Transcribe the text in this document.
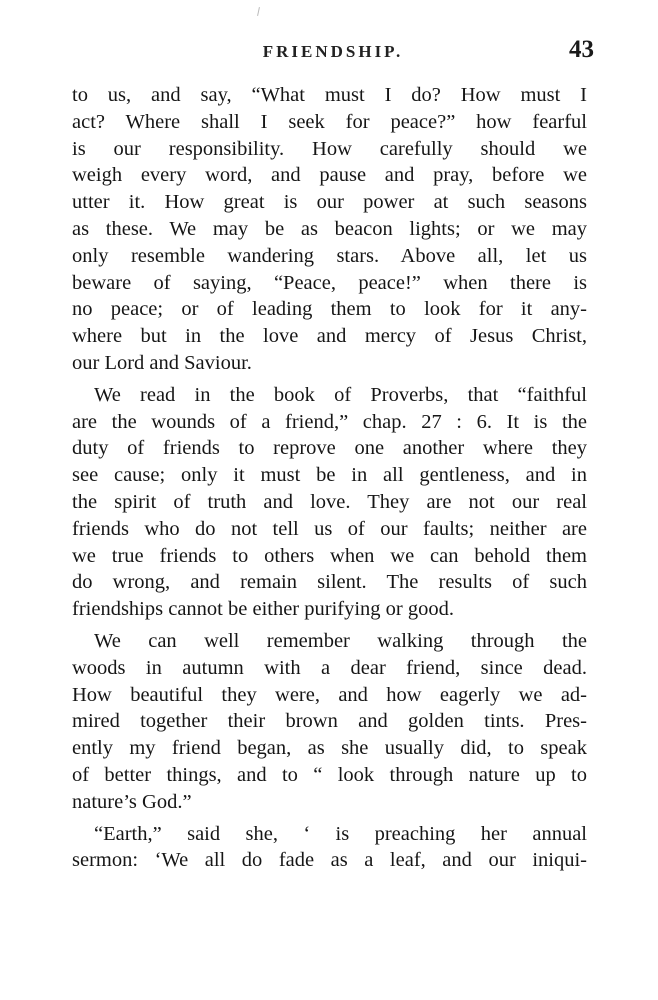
FRIENDSHIP.	43
to us, and say, “What must I do? How must I
act? Where shall I seek for peace?” how fearful
is our responsibility. How carefully should we
weigh every word, and pause and pray, before we
utter it. How great is our power at such seasons
as these. We may be as beacon lights; or we may
only resemble wandering stars. Above all, let us
beware of saying, “Peace, peace!” when there is
no peace; or of leading them to look for it any-
where but in the love and mercy of Jesus Christ,
our Lord and Saviour.
We read in the book of Proverbs, that “faithful
are the wounds of a friend,” chap. 27 : 6. It is the
duty of friends to reprove one another where they
see cause; only it must be in all gentleness, and in
the spirit of truth and love. They are not our real
friends who do not tell us of our faults; neither are
we true friends to others when we can behold them
do wrong, and remain silent. The results of such
friendships cannot be either purifying or good.
We can well remember walking through the
woods in autumn with a dear friend, since dead.
How beautiful they were, and how eagerly we ad-
mired together their brown and golden tints. Pres-
ently my friend began, as she usually did, to speak
of better things, and to “ look through nature up to
nature’s God.”
“Earth,” said she, ‘ is preaching her annual
sermon: ‘We all do fade as a leaf, and our iniqui-
